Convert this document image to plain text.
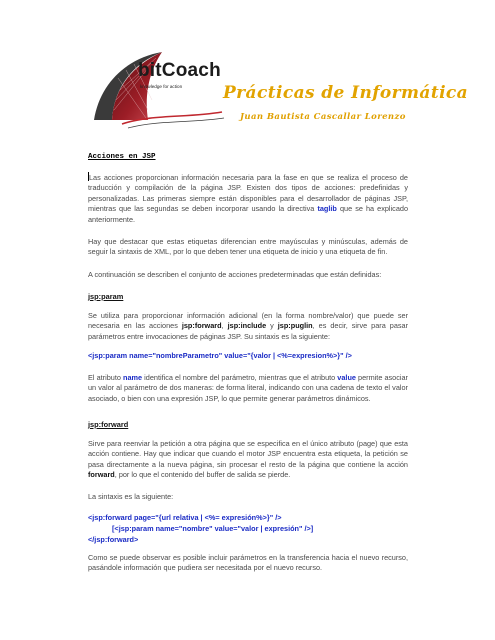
bitCoach
knowledge for action Prácticas de Informática
Juan Bautista Cascallar Lorenzo
Acciones en JSP

Las acciones proporcionan información necesaria para la fase en que se realiza el proceso de traducción y compilación de la página JSP. Existen dos tipos de acciones: predefinidas y personalizadas. Las primeras siempre están disponibles para el desarrollador de páginas JSP, mientras que las segundas se deben incorporar usando la directiva taglib que se ha explicado anteriormente.

Hay que destacar que estas etiquetas diferencian entre mayúsculas y minúsculas, además de seguir la sintaxis de XML, por lo que deben tener una etiqueta de inicio y una etiqueta de fin.

A continuación se describen el conjunto de acciones predeterminadas que están definidas:

jsp:param

Se utiliza para proporcionar información adicional (en la forma nombre/valor) que puede ser necesaria en las acciones jsp:forward, jsp:include y jsp:puglin, es decir, sirve para pasar parámetros entre invocaciones de páginas JSP. Su sintaxis es la siguiente:

<jsp:param name="nombreParametro" value="{valor | <%=expresion%>}" />

El atributo name identifica el nombre del parámetro, mientras que el atributo value permite asociar un valor al parámetro de dos maneras: de forma literal, indicando con una cadena de texto el valor asociado, o bien con una expresión JSP, lo que permite generar parámetros dinámicos.

jsp:forward

Sirve para reenviar la petición a otra página que se especifica en el único atributo (page) que esta acción contiene. Hay que indicar que cuando el motor JSP encuentra esta etiqueta, la petición se pasa directamente a la nueva página, sin procesar el resto de la página que contiene la acción forward, por lo que el contenido del buffer de salida se pierde.

La sintaxis es la siguiente:

<jsp:forward page="{url relativa | <%= expresión%>}" />

[<jsp:param name="nombre" value="valor | expresión" />]

</jsp:forward>

Como se puede observar es posible incluir parámetros en la transferencia hacia el nuevo recurso, pasándole información que pudiera ser necesitada por el nuevo recurso.
